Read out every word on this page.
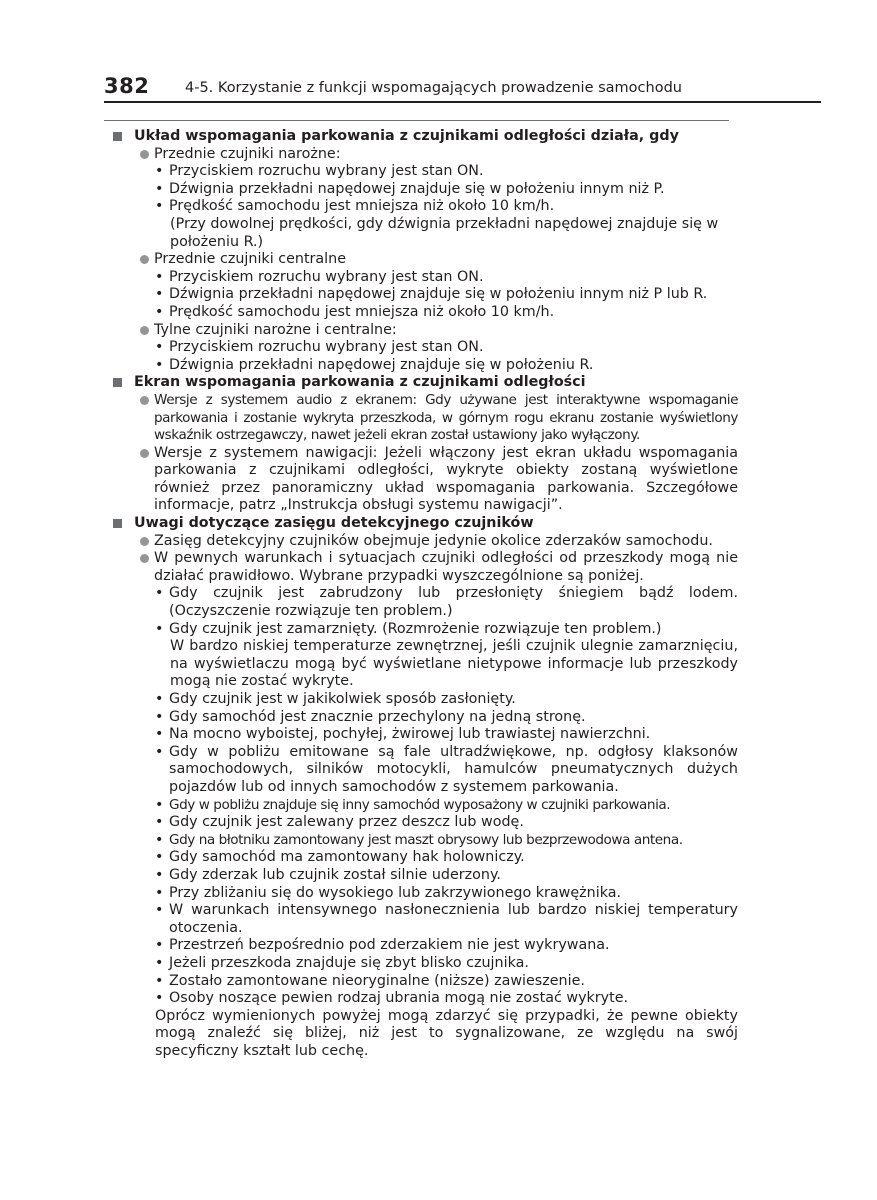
382 4-5. Korzystanie z funkcji wspomagających prowadzenie samochodu
Układ wspomagania parkowania z czujnikami odległości działa, gdy
Przednie czujniki narożne:
• Przyciskiem rozruchu wybrany jest stan ON.
• Dźwignia przekładni napędowej znajduje się w położeniu innym niż P.
• Prędkość samochodu jest mniejsza niż około 10 km/h.
(Przy dowolnej prędkości, gdy dźwignia przekładni napędowej znajduje się w położeniu R.)
Przednie czujniki centralne
• Przyciskiem rozruchu wybrany jest stan ON.
• Dźwignia przekładni napędowej znajduje się w położeniu innym niż P lub R.
• Prędkość samochodu jest mniejsza niż około 10 km/h.
Tylne czujniki narożne i centralne:
• Przyciskiem rozruchu wybrany jest stan ON.
• Dźwignia przekładni napędowej znajduje się w położeniu R.
Ekran wspomagania parkowania z czujnikami odległości
Wersje z systemem audio z ekranem: Gdy używane jest interaktywne wspomaganie parkowania i zostanie wykryta przeszkoda, w górnym rogu ekranu zostanie wyświetlony wskaźnik ostrzegawczy, nawet jeżeli ekran został ustawiony jako wyłączony.
Wersje z systemem nawigacji: Jeżeli włączony jest ekran układu wspomagania parkowania z czujnikami odległości, wykryte obiekty zostaną wyświetlone również przez panoramiczny układ wspomagania parkowania. Szczegółowe informacje, patrz „Instrukcja obsługi systemu nawigacji”.
Uwagi dotyczące zasięgu detekcyjnego czujników
Zasięg detekcyjny czujników obejmuje jedynie okolice zderzaków samochodu.
W pewnych warunkach i sytuacjach czujniki odległości od przeszkody mogą nie działać prawidłowo. Wybrane przypadki wyszczególnione są poniżej.
• Gdy czujnik jest zabrudzony lub przesłonięty śniegiem bądź lodem. (Oczyszczenie rozwiązuje ten problem.)
• Gdy czujnik jest zamarznięty. (Rozmrożenie rozwiązuje ten problem.)
W bardzo niskiej temperaturze zewnętrznej, jeśli czujnik ulegnie zamarznięciu, na wyświetlaczu mogą być wyświetlane nietypowe informacje lub przeszkody mogą nie zostać wykryte.
• Gdy czujnik jest w jakikolwiek sposób zasłonięty.
• Gdy samochód jest znacznie przechylony na jedną stronę.
• Na mocno wyboistej, pochyłej, żwirowej lub trawiastej nawierzchni.
• Gdy w pobliżu emitowane są fale ultradźwiękowe, np. odgłosy klaksonów samochodowych, silników motocykli, hamulców pneumatycznych dużych pojazdów lub od innych samochodów z systemem parkowania.
• Gdy w pobliżu znajduje się inny samochód wyposażony w czujniki parkowania.
• Gdy czujnik jest zalewany przez deszcz lub wodę.
• Gdy na błotniku zamontowany jest maszt obrysowy lub bezprzewodowa antena.
• Gdy samochód ma zamontowany hak holowniczy.
• Gdy zderzak lub czujnik został silnie uderzony.
• Przy zbliżaniu się do wysokiego lub zakrzywionego krawężnika.
• W warunkach intensywnego nasłonecznienia lub bardzo niskiej temperatury otoczenia.
• Przestrzeń bezpośrednio pod zderzakiem nie jest wykrywana.
• Jeżeli przeszkoda znajduje się zbyt blisko czujnika.
• Zostało zamontowane nieoryginalne (niższe) zawieszenie.
• Osoby noszące pewien rodzaj ubrania mogą nie zostać wykryte.
Oprócz wymienionych powyżej mogą zdarzyć się przypadki, że pewne obiekty mogą znaleźć się bliżej, niż jest to sygnalizowane, ze względu na swój specyficzny kształt lub cechę.
